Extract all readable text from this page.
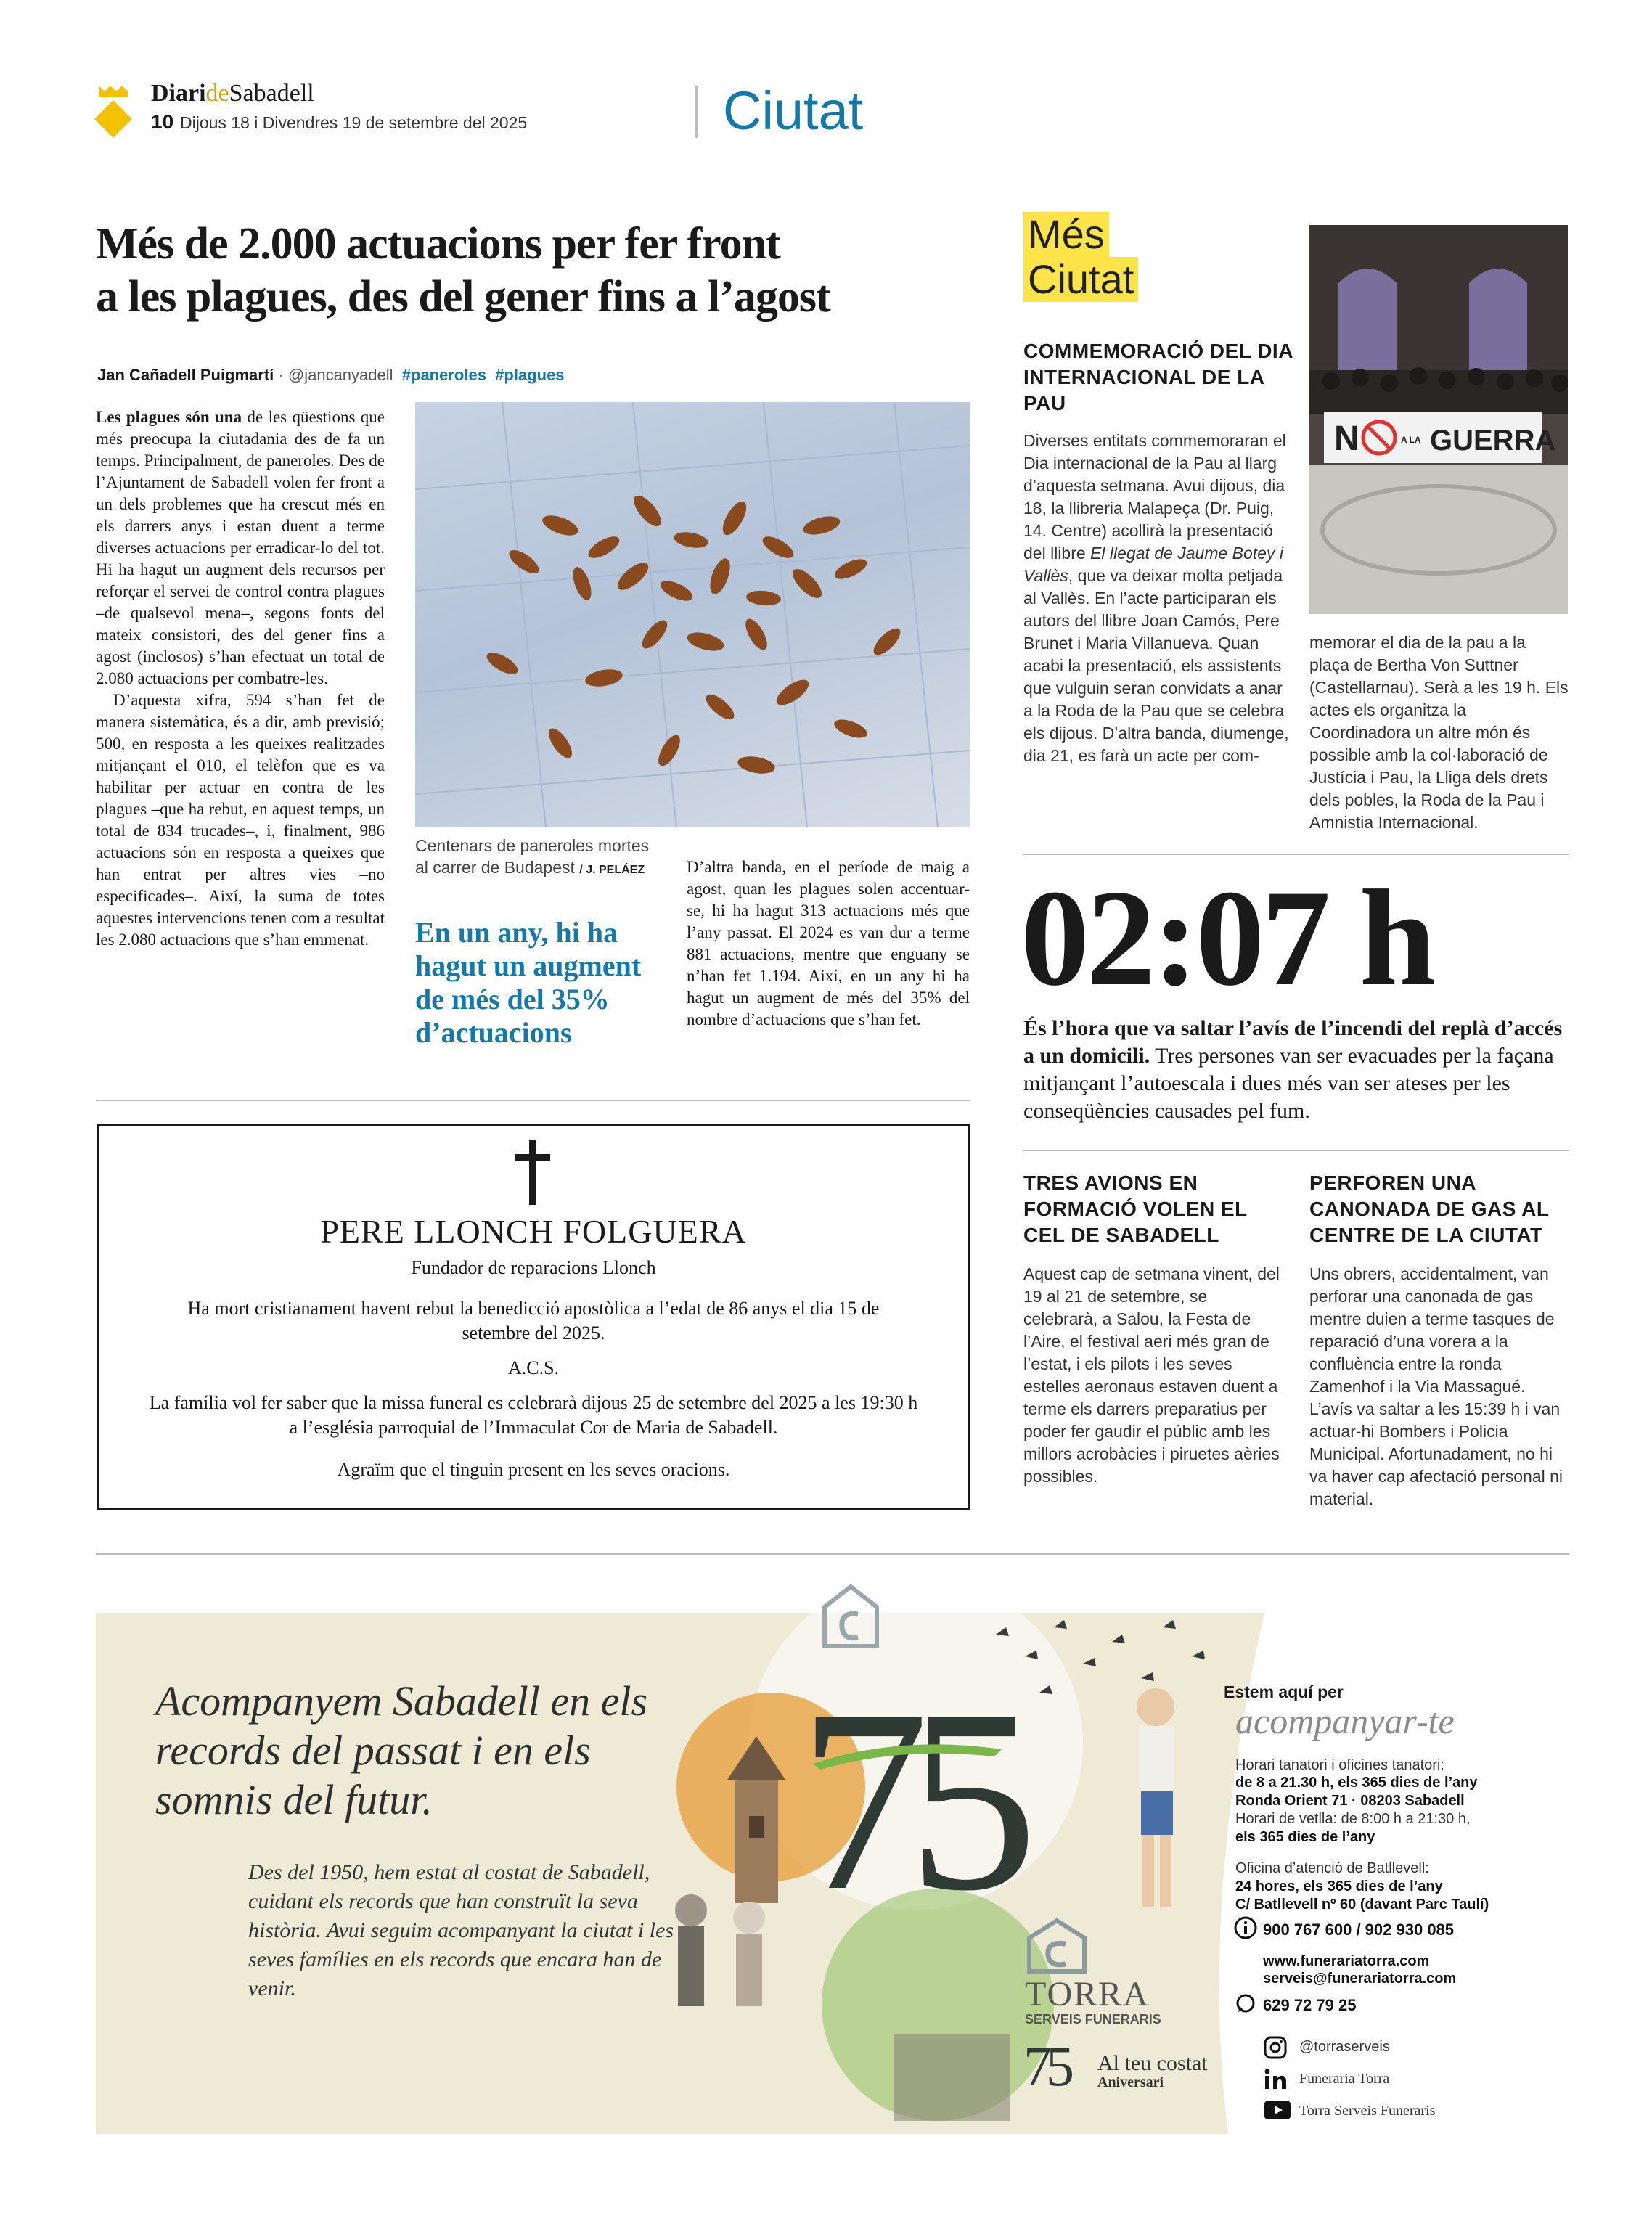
DiarideSabadell
10 Dijous 18 i Divendres 19 de setembre del 2025	Ciutat
Més de 2.000 actuacions per fer front
a les plagues, des del gener fins a l’agost
Jan Cañadell Puigmartí · @jancanyadell #paneroles #plagues
Les plagues són una de les qüestions que més preocupa la ciutadania des de fa un temps. Principalment, de paneroles. Des de l’Ajuntament de Sabadell volen fer front a un dels problemes que ha crescut més en els darrers anys i estan duent a terme diverses actuacions per erradicar-lo del tot. Hi ha hagut un augment dels recursos per reforçar el servei de control contra plagues –de qualsevol mena–, segons fonts del mateix consistori, des del gener fins a agost (inclosos) s’han efectuat un total de 2.080 actuacions per combatre-les.
D’aquesta xifra, 594 s’han fet de manera sistemàtica, és a dir, amb previsió; 500, en resposta a les queixes realitzades mitjançant el 010, el telèfon que es va habilitar per actuar en contra de les plagues –que ha rebut, en aquest temps, un total de 834 trucades–, i, finalment, 986 actuacions són en resposta a queixes que han entrat per altres vies –no especificades–. Així, la suma de totes aquestes intervencions tenen com a resultat les 2.080 actuacions que s’han emmenat.
Centenars de paneroles mortes al carrer de Budapest / J. PELÁEZ
En un any, hi ha hagut un augment de més del 35% d’actuacions
D’altra banda, en el període de maig a agost, quan les plagues solen accentuar-se, hi ha hagut 313 actuacions més que l’any passat. El 2024 es van dur a terme 881 actuacions, mentre que enguany se n’han fet 1.194. Així, en un any hi ha hagut un augment de més del 35% del nombre d’actuacions que s’han fet.
PERE LLONCH FOLGUERA
Fundador de reparacions Llonch
Ha mort cristianament havent rebut la benedicció apostòlica a l’edat de 86 anys el dia 15 de setembre del 2025.
A.C.S.
La família vol fer saber que la missa funeral es celebrarà dijous 25 de setembre del 2025 a les 19:30 h a l’església parroquial de l’Immaculat Cor de Maria de Sabadell.
Agraïm que el tinguin present en les seves oracions.
Més
Ciutat
COMMEMORACIÓ DEL DIA INTERNACIONAL DE LA PAU
Diverses entitats commemoraran el Dia internacional de la Pau al llarg d’aquesta setmana. Avui dijous, dia 18, la llibreria Malapeça (Dr. Puig, 14. Centre) acollirà la presentació del llibre El llegat de Jaume Botey i Vallès, que va deixar molta petjada al Vallès. En l’acte participaran els autors del llibre Joan Camós, Pere Brunet i Maria Villanueva. Quan acabi la presentació, els assistents que vulguin seran convidats a anar a la Roda de la Pau que se celebra els dijous. D’altra banda, diumenge, dia 21, es farà un acte per com-
N	A LA GUERRA
memorar el dia de la pau a la plaça de Bertha Von Suttner (Castellarnau). Serà a les 19 h. Els actes els organitza la Coordinadora un altre món és possible amb la col·laboració de Justícia i Pau, la Lliga dels drets dels pobles, la Roda de la Pau i Amnistia Internacional.
02:07 h
És l’hora que va saltar l’avís de l’incendi del replà d’accés a un domicili. Tres persones van ser evacuades per la façana mitjançant l’autoescala i dues més van ser ateses per les conseqüències causades pel fum.
TRES AVIONS EN FORMACIÓ VOLEN EL CEL DE SABADELL
Aquest cap de setmana vinent, del 19 al 21 de setembre, se celebrarà, a Salou, la Festa de l’Aire, el festival aeri més gran de l’estat, i els pilots i les seves estelles aeronaus estaven duent a terme els darrers preparatius per poder fer gaudir el públic amb les millors acrobàcies i piruetes aèries possibles.
PERFOREN UNA CANONADA DE GAS AL CENTRE DE LA CIUTAT
Uns obrers, accidentalment, van perforar una canonada de gas mentre duien a terme tasques de reparació d’una vorera a la confluència entre la ronda Zamenhof i la Via Massagué. L’avís va saltar a les 15:39 h i van actuar-hi Bombers i Policia Municipal. Afortunadament, no hi va haver cap afectació personal ni material.
75
Acompanyem Sabadell en els records del passat i en els somnis del futur.
Des del 1950, hem estat al costat de Sabadell, cuidant els records que han construït la seva història. Avui seguim acompanyant la ciutat i les seves famílies en els records que encara han de venir.	TORRA
SERVEIS FUNERARIS
75 Al teu costat
Aniversari
Estem aquí per
acompanyar-te
Horari tanatori i oficines tanatori:
de 8 a 21.30 h, els 365 dies de l’any
Ronda Orient 71 · 08203 Sabadell
Horari de vetlla: de 8:00 h a 21:30 h,
els 365 dies de l’any
Oficina d’atenció de Batllevell:
24 hores, els 365 dies de l’any
C/ Batllevell nº 60 (davant Parc Taulí)
900 767 600 / 902 930 085
www.funerariatorra.com
serveis@funerariatorra.com
629 72 79 25
@torraserveis
Funeraria Torra
Torra Serveis Funeraris
